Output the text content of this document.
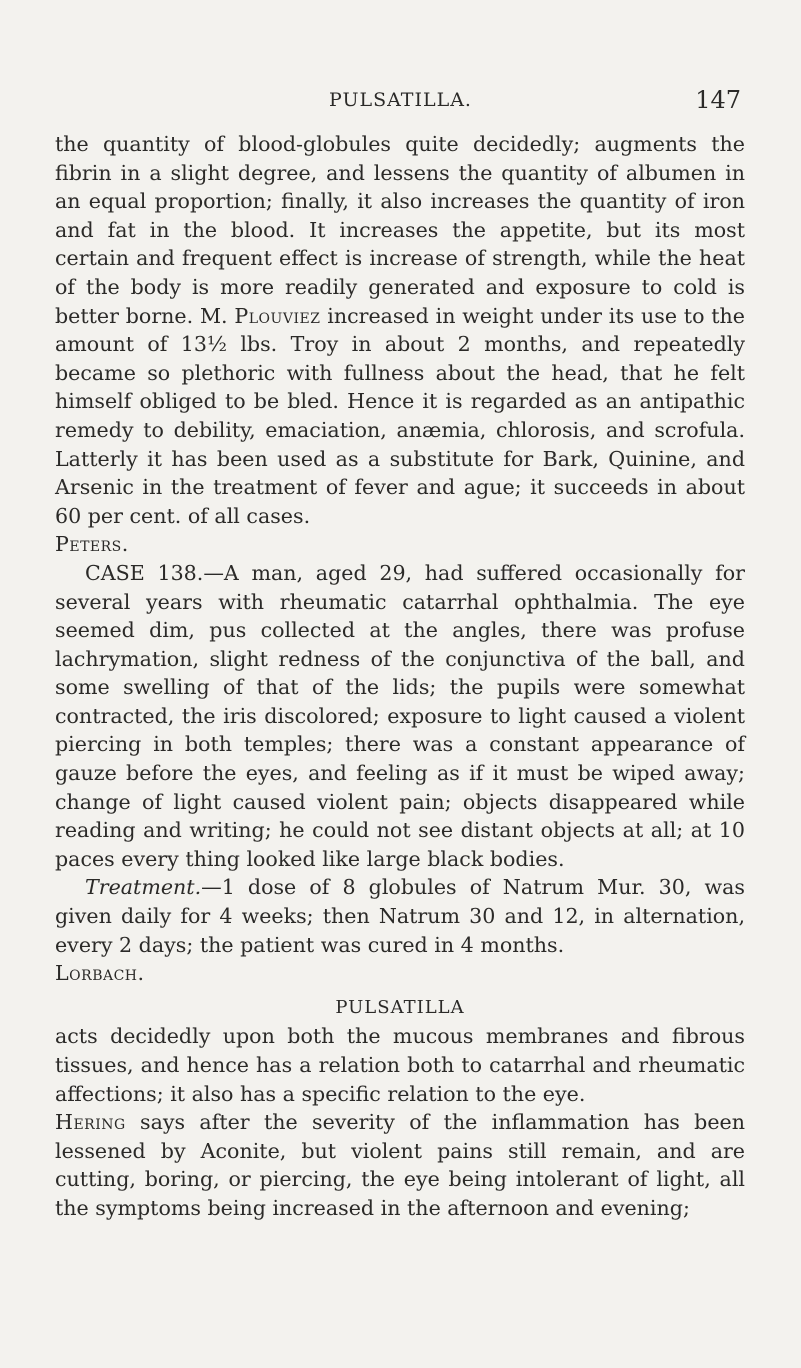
PULSATILLA.	147

the quantity of blood-globules quite decidedly; augments the fibrin in a slight degree, and lessens the quantity of albumen in an equal proportion; finally, it also increases the quantity of iron and fat in the blood. It increases the appetite, but its most certain and frequent effect is increase of strength, while the heat of the body is more readily generated and exposure to cold is better borne. M. Plouviez increased in weight under its use to the amount of 13½ lbs. Troy in about 2 months, and repeatedly became so plethoric with fullness about the head, that he felt himself obliged to be bled. Hence it is regarded as an antipathic remedy to debility, emaciation, anæmia, chlorosis, and scrofula. Latterly it has been used as a substitute for Bark, Quinine, and Arsenic in the treatment of fever and ague; it succeeds in about 60 per cent. of all cases.
Peters.

CASE 138.—A man, aged 29, had suffered occasionally for several years with rheumatic catarrhal ophthalmia. The eye seemed dim, pus collected at the angles, there was profuse lachrymation, slight redness of the conjunctiva of the ball, and some swelling of that of the lids; the pupils were somewhat contracted, the iris discolored; exposure to light caused a violent piercing in both temples; there was a constant appearance of gauze before the eyes, and feeling as if it must be wiped away; change of light caused violent pain; objects disappeared while reading and writing; he could not see distant objects at all; at 10 paces every thing looked like large black bodies.

Treatment.—1 dose of 8 globules of Natrum Mur. 30, was given daily for 4 weeks; then Natrum 30 and 12, in alternation, every 2 days; the patient was cured in 4 months.
Lorbach.

PULSATILLA

acts decidedly upon both the mucous membranes and fibrous tissues, and hence has a relation both to catarrhal and rheumatic affections; it also has a specific relation to the eye.
Hering says after the severity of the inflammation has been lessened by Aconite, but violent pains still remain, and are cutting, boring, or piercing, the eye being intolerant of light, all the symptoms being increased in the afternoon and evening;
